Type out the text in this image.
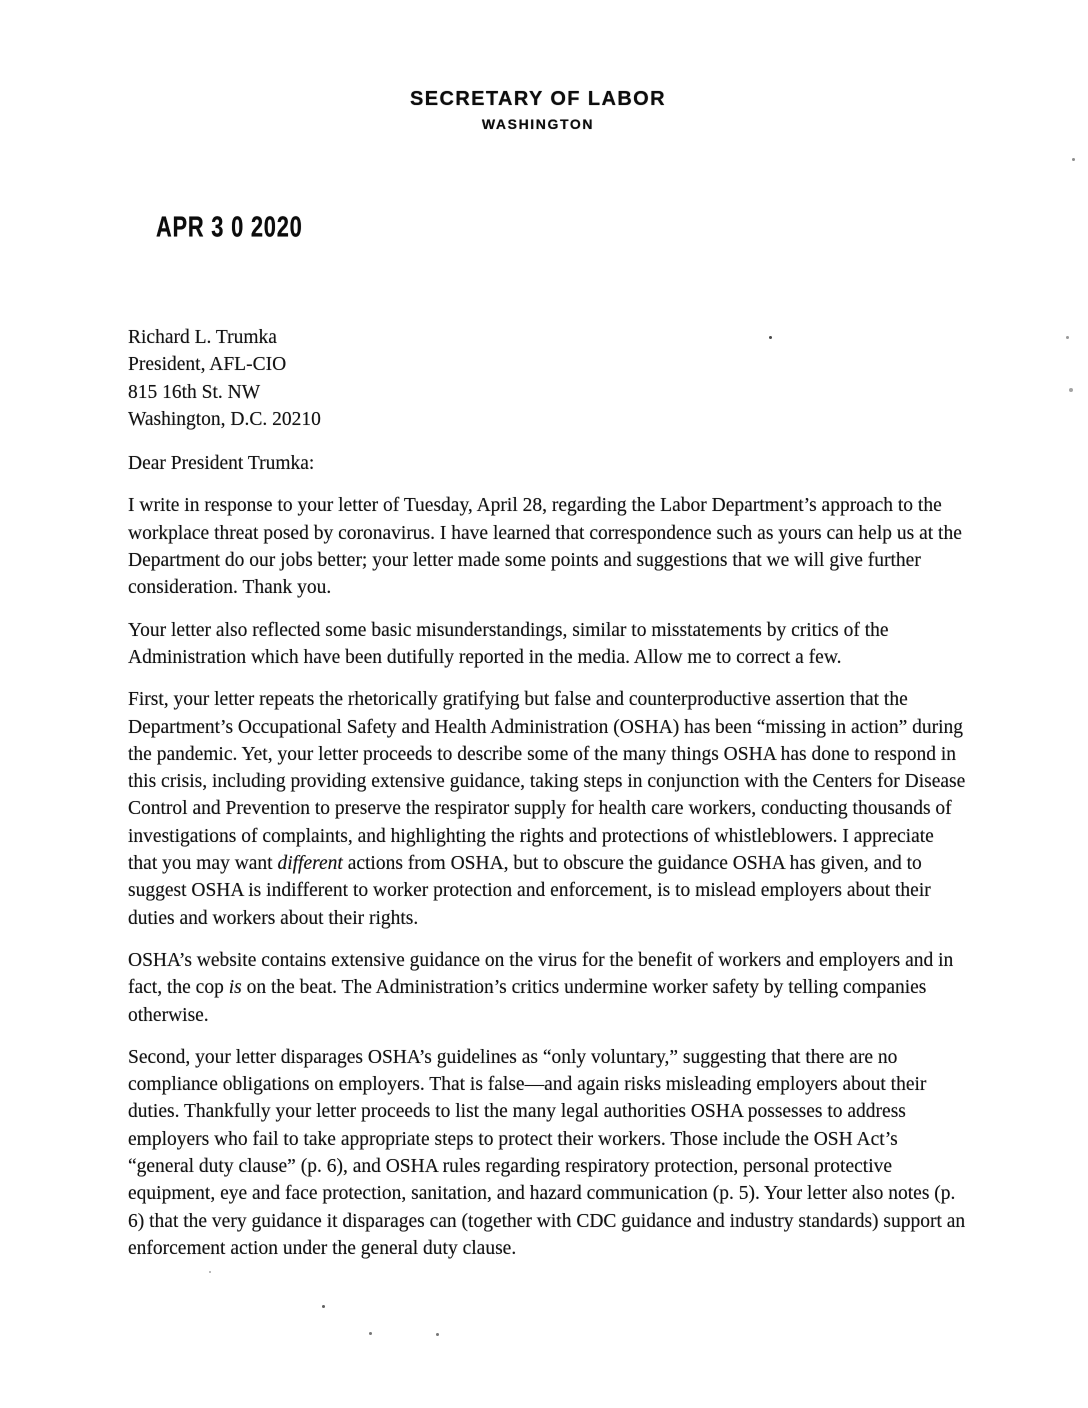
SECRETARY OF LABOR
WASHINGTON
APR 3 0 2020
Richard L. Trumka
President, AFL-CIO
815 16th St. NW
Washington, D.C. 20210
Dear President Trumka:

I write in response to your letter of Tuesday, April 28, regarding the Labor Department’s approach to the workplace threat posed by coronavirus. I have learned that correspondence such as yours can help us at the Department do our jobs better; your letter made some points and suggestions that we will give further consideration. Thank you.

Your letter also reflected some basic misunderstandings, similar to misstatements by critics of the Administration which have been dutifully reported in the media. Allow me to correct a few.

First, your letter repeats the rhetorically gratifying but false and counterproductive assertion that the Department’s Occupational Safety and Health Administration (OSHA) has been “missing in action” during the pandemic. Yet, your letter proceeds to describe some of the many things OSHA has done to respond in this crisis, including providing extensive guidance, taking steps in conjunction with the Centers for Disease Control and Prevention to preserve the respirator supply for health care workers, conducting thousands of investigations of complaints, and highlighting the rights and protections of whistleblowers. I appreciate that you may want different actions from OSHA, but to obscure the guidance OSHA has given, and to suggest OSHA is indifferent to worker protection and enforcement, is to mislead employers about their duties and workers about their rights.

OSHA’s website contains extensive guidance on the virus for the benefit of workers and employers and in fact, the cop is on the beat. The Administration’s critics undermine worker safety by telling companies otherwise.

Second, your letter disparages OSHA’s guidelines as “only voluntary,” suggesting that there are no compliance obligations on employers. That is false—and again risks misleading employers about their duties. Thankfully your letter proceeds to list the many legal authorities OSHA possesses to address employers who fail to take appropriate steps to protect their workers. Those include the OSH Act’s “general duty clause” (p. 6), and OSHA rules regarding respiratory protection, personal protective equipment, eye and face protection, sanitation, and hazard communication (p. 5). Your letter also notes (p. 6) that the very guidance it disparages can (together with CDC guidance and industry standards) support an enforcement action under the general duty clause.
